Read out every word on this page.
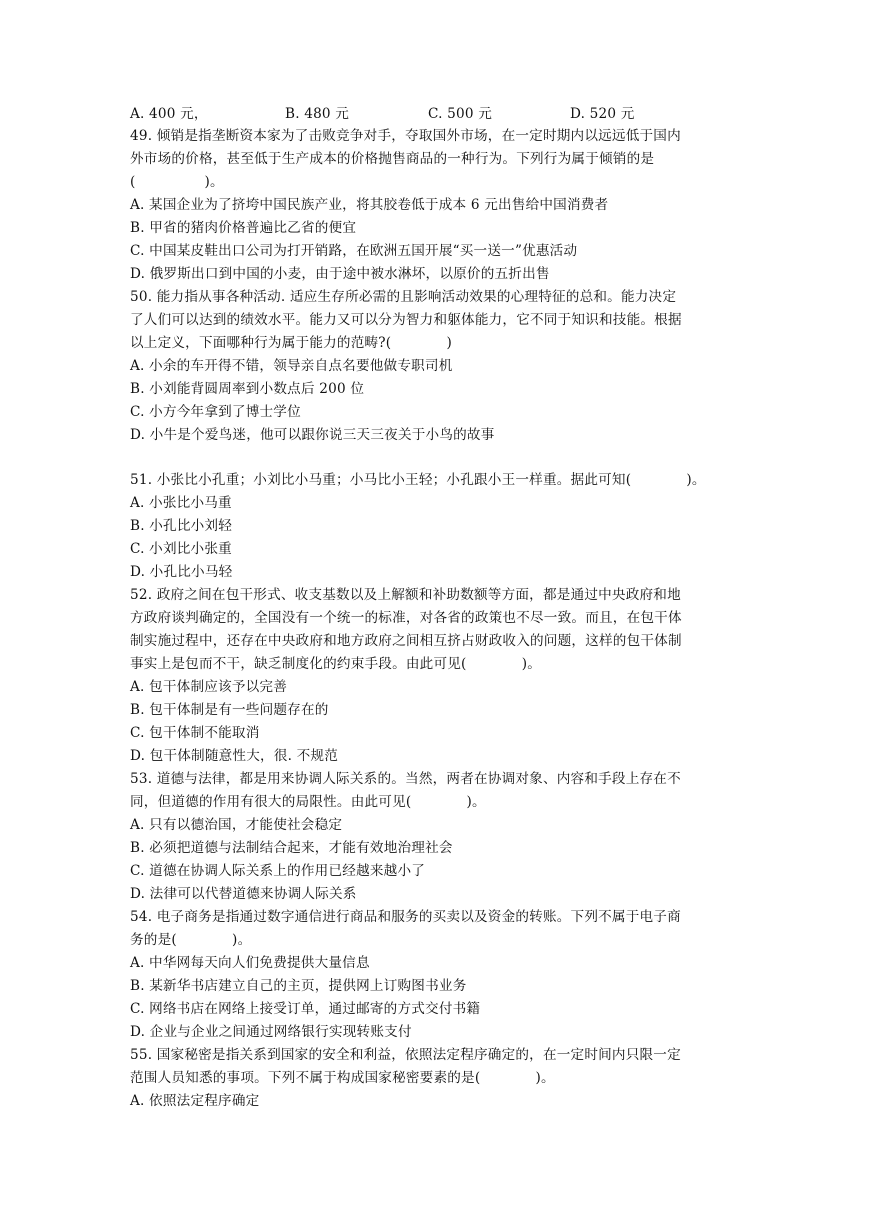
A. 400 元，	B. 480 元	C. 500 元	D. 520 元
49. 倾销是指垄断资本家为了击败竞争对手，夺取国外市场，在一定时期内以远远低于国内
外市场的价格，甚至低于生产成本的价格抛售商品的一种行为。下列行为属于倾销的是
(　　　　　)。
A. 某国企业为了挤垮中国民族产业，将其胶卷低于成本 6 元出售给中国消费者
B. 甲省的猪肉价格普遍比乙省的便宜
C. 中国某皮鞋出口公司为打开销路，在欧洲五国开展“买一送一”优惠活动
D. 俄罗斯出口到中国的小麦，由于途中被水淋坏，以原价的五折出售
50. 能力指从事各种活动. 适应生存所必需的且影响活动效果的心理特征的总和。能力决定
了人们可以达到的绩效水平。能力又可以分为智力和躯体能力，它不同于知识和技能。根据
以上定义，下面哪种行为属于能力的范畴?(　　　　)
A. 小余的车开得不错，领导亲自点名要他做专职司机
B. 小刘能背圆周率到小数点后 200 位
C. 小方今年拿到了博士学位
D. 小牛是个爱鸟迷，他可以跟你说三天三夜关于小鸟的故事
51. 小张比小孔重；小刘比小马重；小马比小王轻；小孔跟小王一样重。据此可知(　　　　)。
A. 小张比小马重
B. 小孔比小刘轻
C. 小刘比小张重
D. 小孔比小马轻
52. 政府之间在包干形式、收支基数以及上解额和补助数额等方面，都是通过中央政府和地
方政府谈判确定的，全国没有一个统一的标准，对各省的政策也不尽一致。而且，在包干体
制实施过程中，还存在中央政府和地方政府之间相互挤占财政收入的问题，这样的包干体制
事实上是包而不干，缺乏制度化的约束手段。由此可见(　　　　)。
A. 包干体制应该予以完善
B. 包干体制是有一些问题存在的
C. 包干体制不能取消
D. 包干体制随意性大，很. 不规范
53. 道德与法律，都是用来协调人际关系的。当然，两者在协调对象、内容和手段上存在不
同，但道德的作用有很大的局限性。由此可见(　　　　)。
A. 只有以德治国，才能使社会稳定
B. 必须把道德与法制结合起来，才能有效地治理社会
C. 道德在协调人际关系上的作用已经越来越小了
D. 法律可以代替道德来协调人际关系
54. 电子商务是指通过数字通信进行商品和服务的买卖以及资金的转账。下列不属于电子商
务的是(　　　　)。
A. 中华网每天向人们免费提供大量信息
B. 某新华书店建立自己的主页，提供网上订购图书业务
C. 网络书店在网络上接受订单，通过邮寄的方式交付书籍
D. 企业与企业之间通过网络银行实现转账支付
55. 国家秘密是指关系到国家的安全和利益，依照法定程序确定的，在一定时间内只限一定
范围人员知悉的事项。下列不属于构成国家秘密要素的是(　　　　)。
A. 依照法定程序确定
